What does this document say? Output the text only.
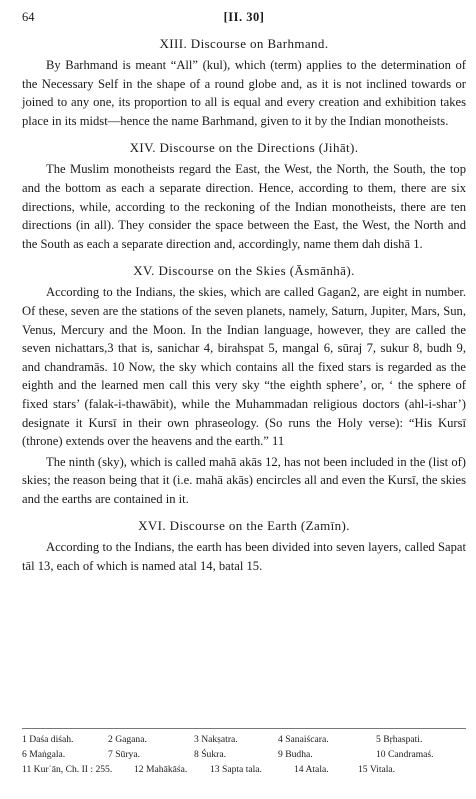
64	[II. 30]
XIII. Discourse on Barhmand.

By Barhmand is meant “All” (kul), which (term) applies to the determination of the Necessary Self in the shape of a round globe and, as it is not inclined towards or joined to any one, its proportion to all is equal and every creation and exhibition takes place in its midst—hence the name Barhmand, given to it by the Indian monotheists.

XIV. Discourse on the Directions (Jihāt).

The Muslim monotheists regard the East, the West, the North, the South, the top and the bottom as each a separate direction. Hence, according to them, there are six directions, while, according to the reckoning of the Indian monotheists, there are ten directions (in all). They consider the space between the East, the West, the North and the South as each a separate direction and, accordingly, name them dah dishā 1.

XV. Discourse on the Skies (Āsmānhā).

According to the Indians, the skies, which are called Gagan2, are eight in number. Of these, seven are the stations of the seven planets, namely, Saturn, Jupiter, Mars, Sun, Venus, Mercury and the Moon. In the Indian language, however, they are called the seven nichattars,3 that is, sanichar 4, birahspat 5, mangal 6, sūraj 7, sukur 8, budh 9, and chandramās. 10 Now, the sky which contains all the fixed stars is regarded as the eighth and the learned men call this very sky “the eighth sphere’, or, ‘ the sphere of fixed stars’ (falak-i-thawābit), while the Muhammadan religious doctors (ahl-i-shar’) designate it Kursī in their own phraseology. (So runs the Holy verse): “His Kursī (throne) extends over the heavens and the earth.” 11

The ninth (sky), which is called mahā akās 12, has not been included in the (list of) skies; the reason being that it (i.e. mahā akās) encircles all and even the Kursī, the skies and the earths are contained in it.

XVI. Discourse on the Earth (Zamīn).

According to the Indians, the earth has been divided into seven layers, called Sapat tāl 13, each of which is named atal 14, batal 15.

1 Daśa diśah.	2 Gagana.	3 Nakṣatra.	4 Sanaiścara.	5 Bṛhaspati.
6 Maṅgala.	7 Sūrya.	8 Śukra.	9 Budha.	10 Candramaś.
11 Kurʾān, Ch. II : 255.	12 Mahākāśa.	13 Sapta tala.	14 Atala.	15 Vitala.
